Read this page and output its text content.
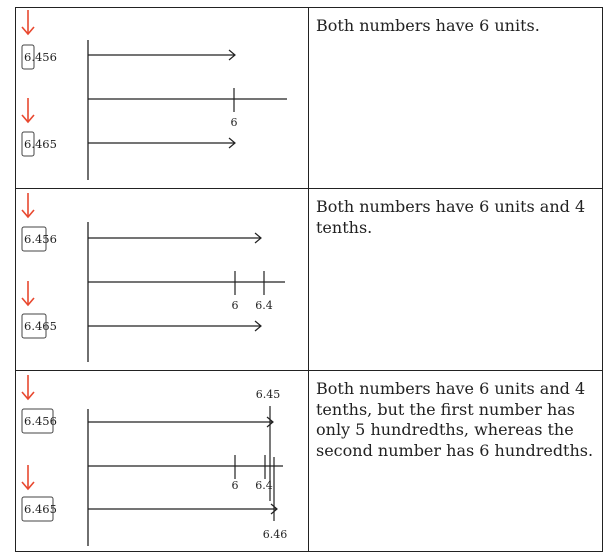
6.456
6
6.465
Both numbers have 6 units.
6.456
6 6.4
6.465
Both numbers have 6 units and 4 tenths.
6.456
6.45
6 6.4
6.46
6.465
Both numbers have 6 units and 4 tenths, but the first number has only 5 hundredths, whereas the second number has 6 hundredths.
